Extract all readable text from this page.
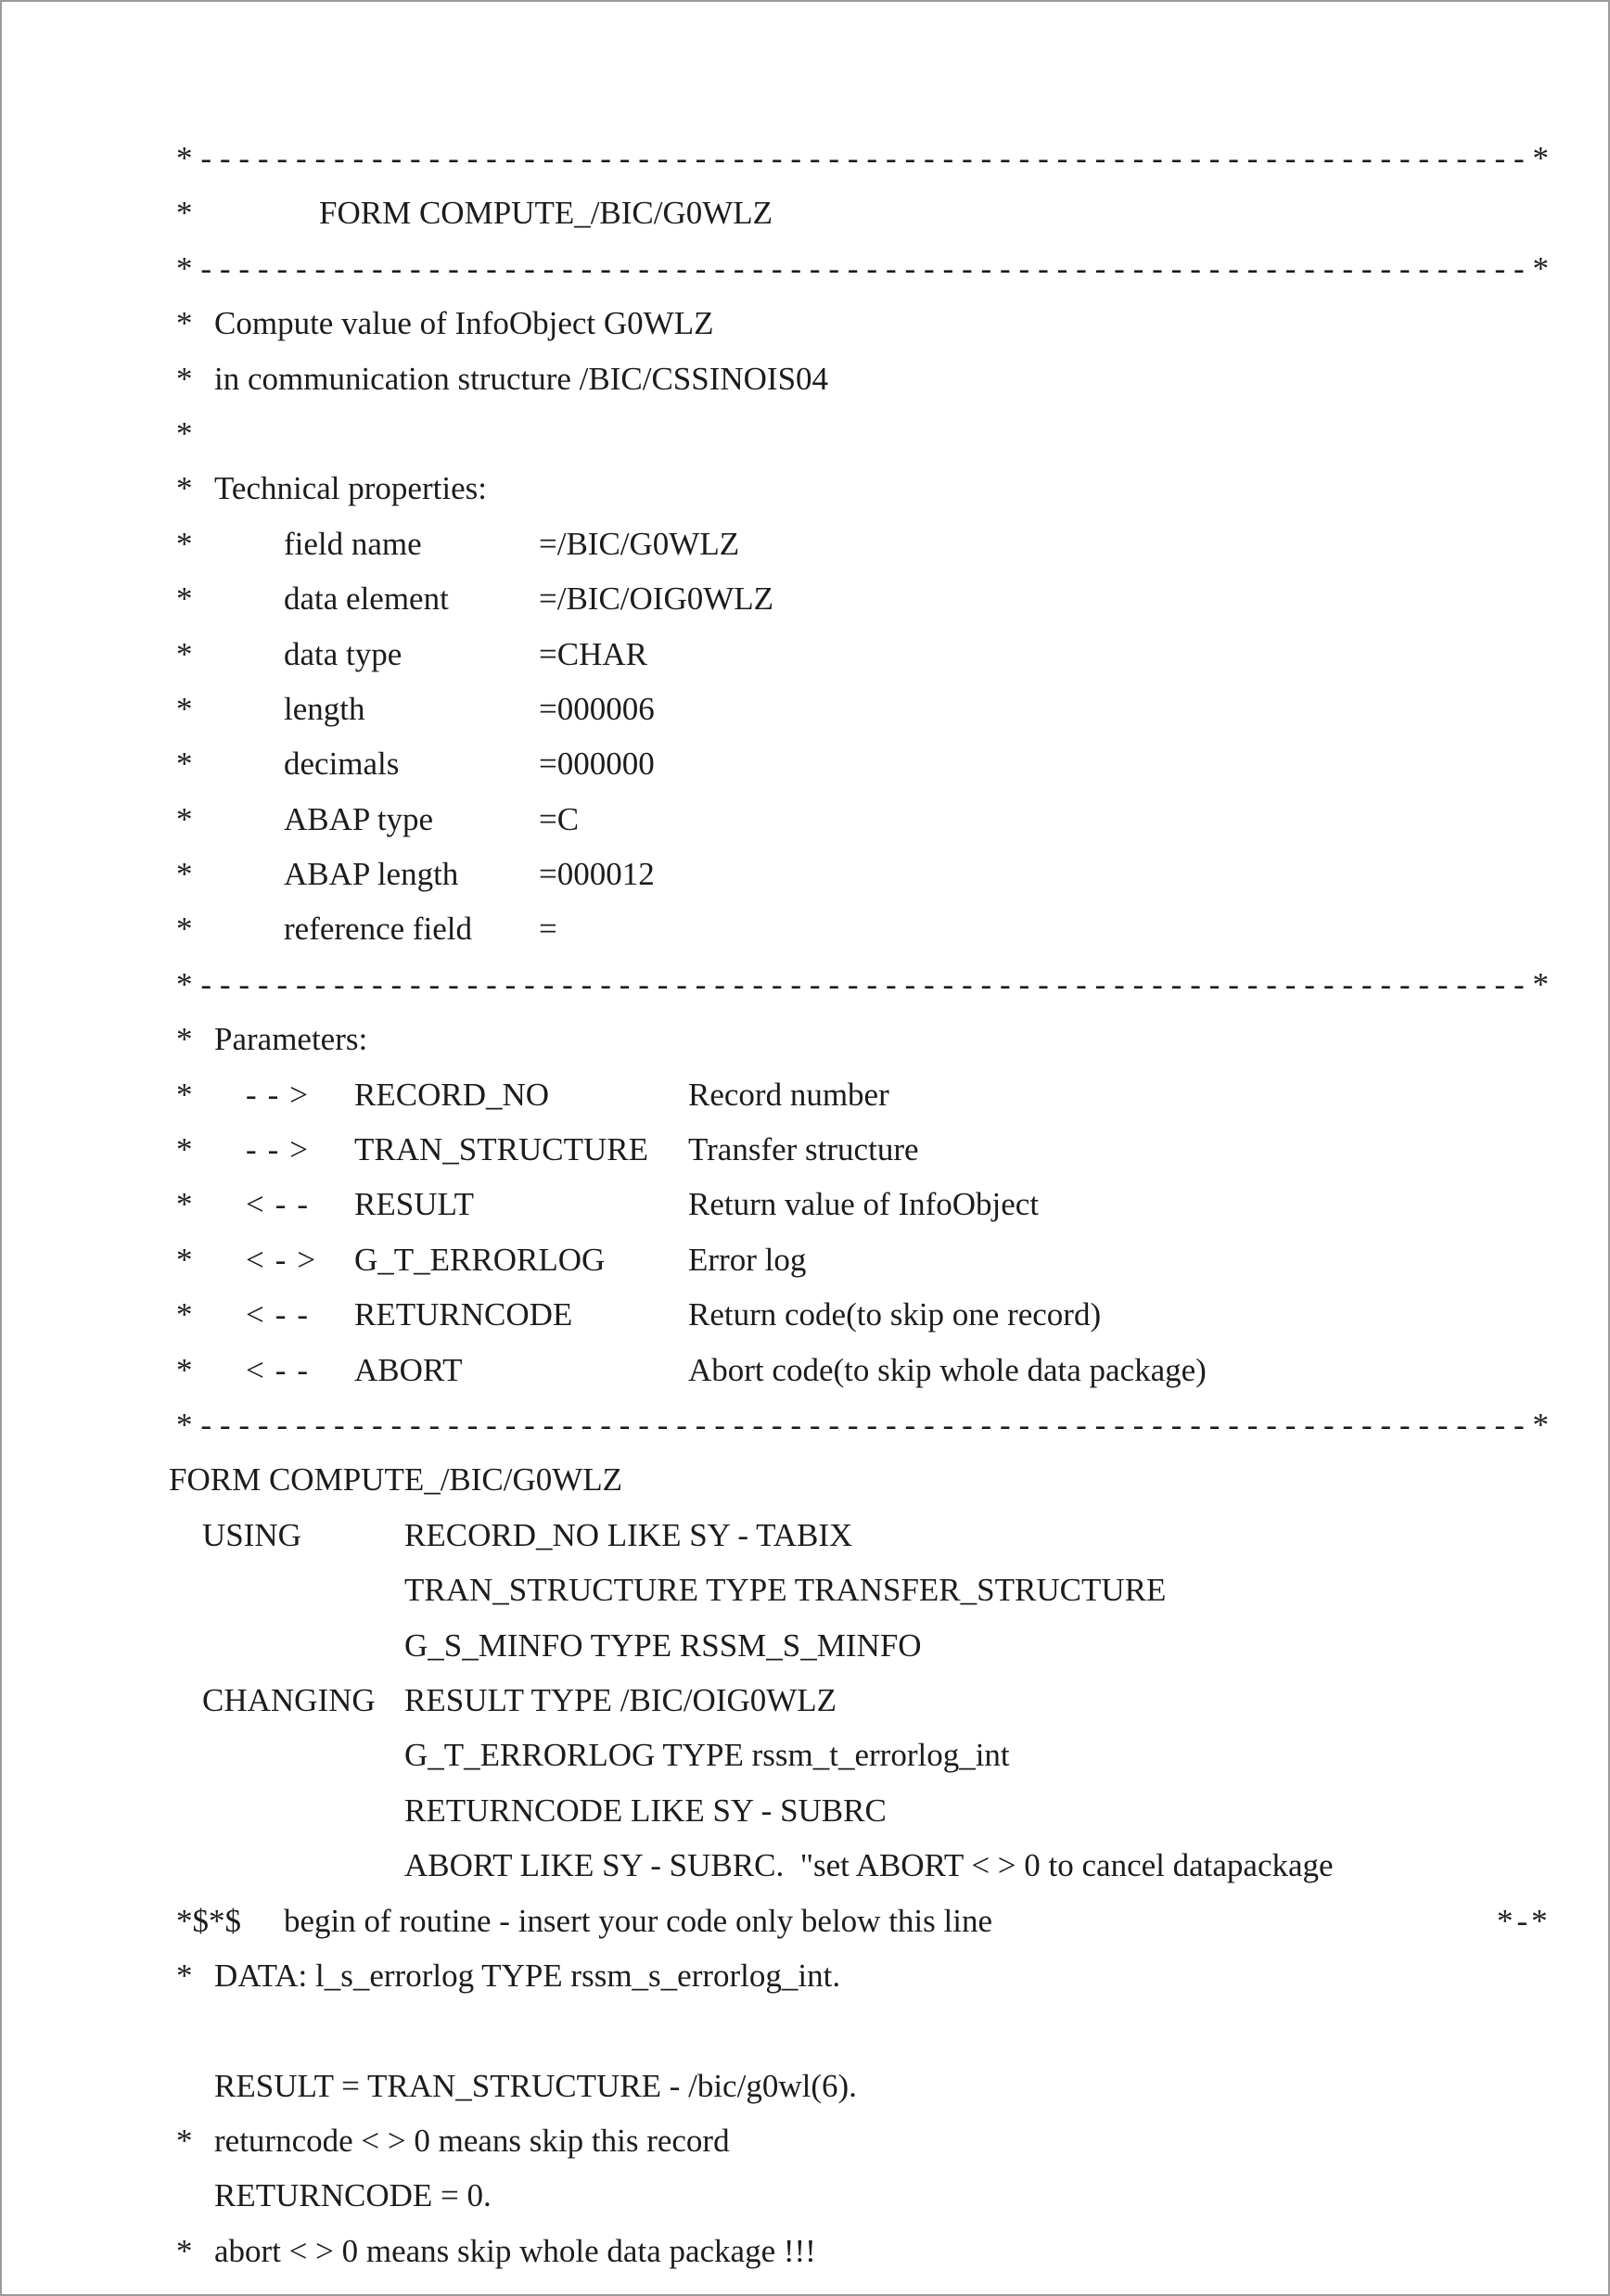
*----------------------------------------------------------------------*
*	FORM COMPUTE_/BIC/G0WLZ
*----------------------------------------------------------------------*
* Compute value of InfoObject G0WLZ
* in communication structure /BIC/CSSINOIS04
*
* Technical properties:
*	field name	=/BIC/G0WLZ
*	data element	=/BIC/OIG0WLZ
*	data type	=CHAR
*	length	=000006
*	decimals	=000000
*	ABAP type	=C
*	ABAP length =000012
*	reference field =
*----------------------------------------------------------------------*
* Parameters:
* --> RECORD_NO	Record number
* --> TRAN_STRUCTURE Transfer structure
* <-- RESULT	Return value of InfoObject
* <-> G_T_ERRORLOG	Error log
* <-- RETURNCODE	Return code(to skip one record)
* <-- ABORT	Abort code(to skip whole data package)
*----------------------------------------------------------------------*
FORM COMPUTE_/BIC/G0WLZ
USING	RECORD_NO LIKE SY - TABIX
TRAN_STRUCTURE TYPE TRANSFER_STRUCTURE
G_S_MINFO TYPE RSSM_S_MINFO
CHANGING RESULT TYPE /BIC/OIG0WLZ
G_T_ERRORLOG TYPE rssm_t_errorlog_int
RETURNCODE LIKE SY - SUBRC
ABORT LIKE SY - SUBRC.  "set ABORT < > 0 to cancel datapackage
*$*$ begin of routine - insert your code only below this line	*-*
* DATA: l_s_errorlog TYPE rssm_s_errorlog_int.
RESULT = TRAN_STRUCTURE - /bic/g0wl(6).
* returncode < > 0 means skip this record
RETURNCODE = 0.
* abort < > 0 means skip whole data package !!!
